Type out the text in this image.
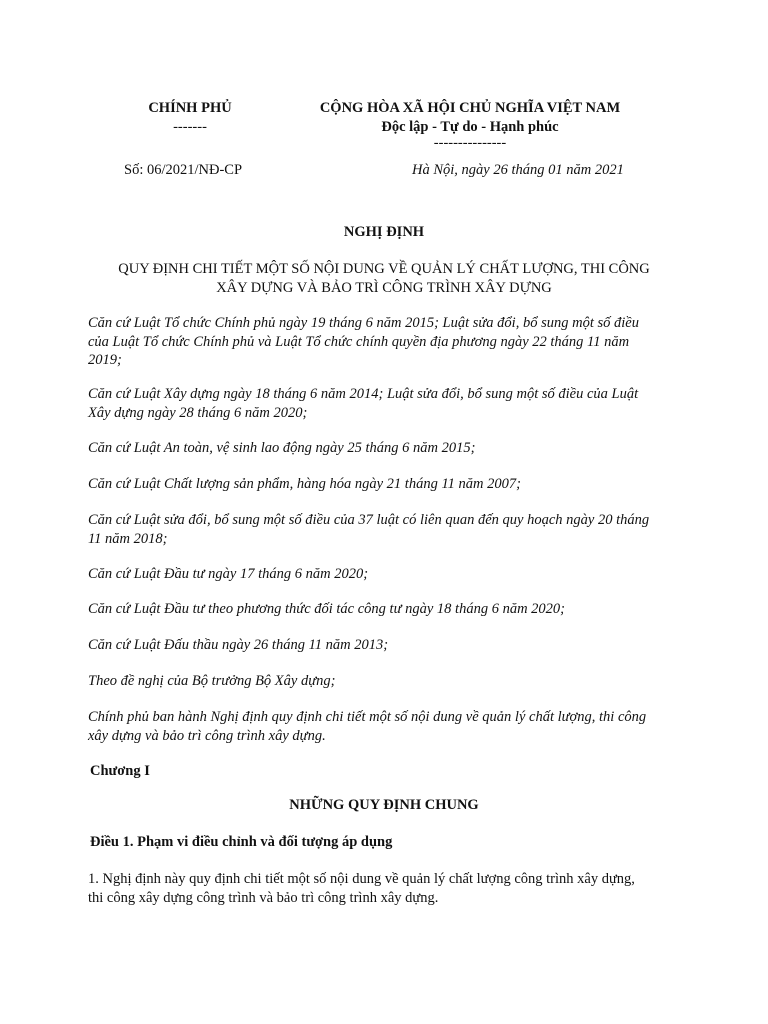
CHÍNH PHỦ
-------
CỘNG HÒA XÃ HỘI CHỦ NGHĨA VIỆT NAM
Độc lập - Tự do - Hạnh phúc
---------------
Số: 06/2021/NĐ-CP	Hà Nội, ngày 26 tháng 01 năm 2021
NGHỊ ĐỊNH
QUY ĐỊNH CHI TIẾT MỘT SỐ NỘI DUNG VỀ QUẢN LÝ CHẤT LƯỢNG, THI CÔNG
XÂY DỰNG VÀ BẢO TRÌ CÔNG TRÌNH XÂY DỰNG
Căn cứ Luật Tổ chức Chính phủ ngày 19 tháng 6 năm 2015; Luật sửa đổi, bổ sung một số điều
của Luật Tổ chức Chính phủ và Luật Tổ chức chính quyền địa phương ngày 22 tháng 11 năm
2019;
Căn cứ Luật Xây dựng ngày 18 tháng 6 năm 2014; Luật sửa đổi, bổ sung một số điều của Luật
Xây dựng ngày 28 tháng 6 năm 2020;
Căn cứ Luật An toàn, vệ sinh lao động ngày 25 tháng 6 năm 2015;
Căn cứ Luật Chất lượng sản phẩm, hàng hóa ngày 21 tháng 11 năm 2007;
Căn cứ Luật sửa đổi, bổ sung một số điều của 37 luật có liên quan đến quy hoạch ngày 20 tháng
11 năm 2018;
Căn cứ Luật Đầu tư ngày 17 tháng 6 năm 2020;
Căn cứ Luật Đầu tư theo phương thức đối tác công tư ngày 18 tháng 6 năm 2020;
Căn cứ Luật Đấu thầu ngày 26 tháng 11 năm 2013;
Theo đề nghị của Bộ trưởng Bộ Xây dựng;
Chính phủ ban hành Nghị định quy định chi tiết một số nội dung về quản lý chất lượng, thi công
xây dựng và bảo trì công trình xây dựng.
Chương I
NHỮNG QUY ĐỊNH CHUNG
Điều 1. Phạm vi điều chỉnh và đối tượng áp dụng
1. Nghị định này quy định chi tiết một số nội dung về quản lý chất lượng công trình xây dựng,
thi công xây dựng công trình và bảo trì công trình xây dựng.
